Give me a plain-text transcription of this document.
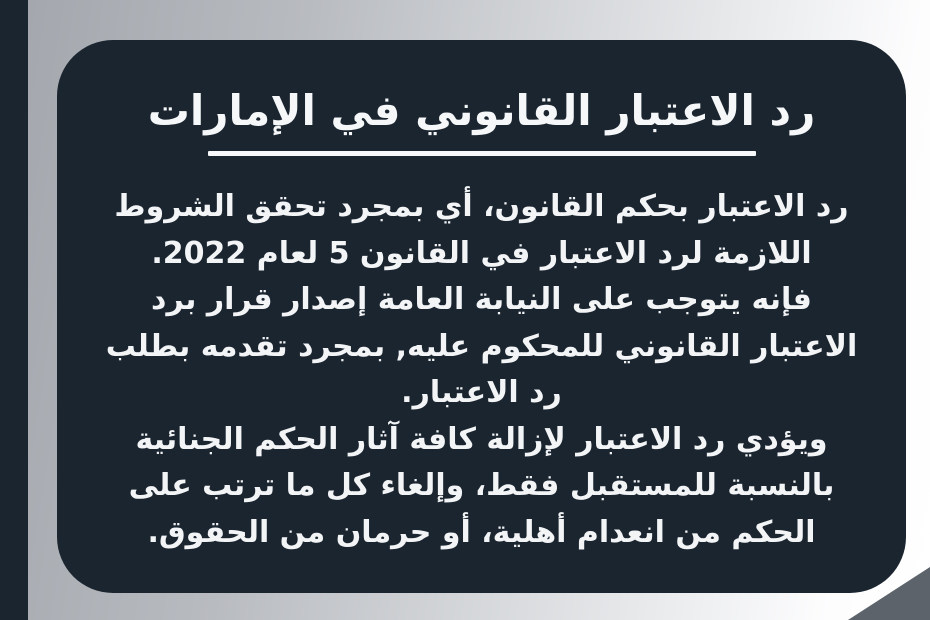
رد الاعتبار القانوني في الإمارات
رد الاعتبار بحكم القانون، أي بمجرد تحقق الشروط
اللازمة لرد الاعتبار في القانون 5 لعام 2022.
فإنه يتوجب على النيابة العامة إصدار قرار برد
الاعتبار القانوني للمحكوم عليه, بمجرد تقدمه بطلب
رد الاعتبار.
ويؤدي رد الاعتبار لإزالة كافة آثار الحكم الجنائية
بالنسبة للمستقبل فقط، وإلغاء كل ما ترتب على
الحكم من انعدام أهلية، أو حرمان من الحقوق.
